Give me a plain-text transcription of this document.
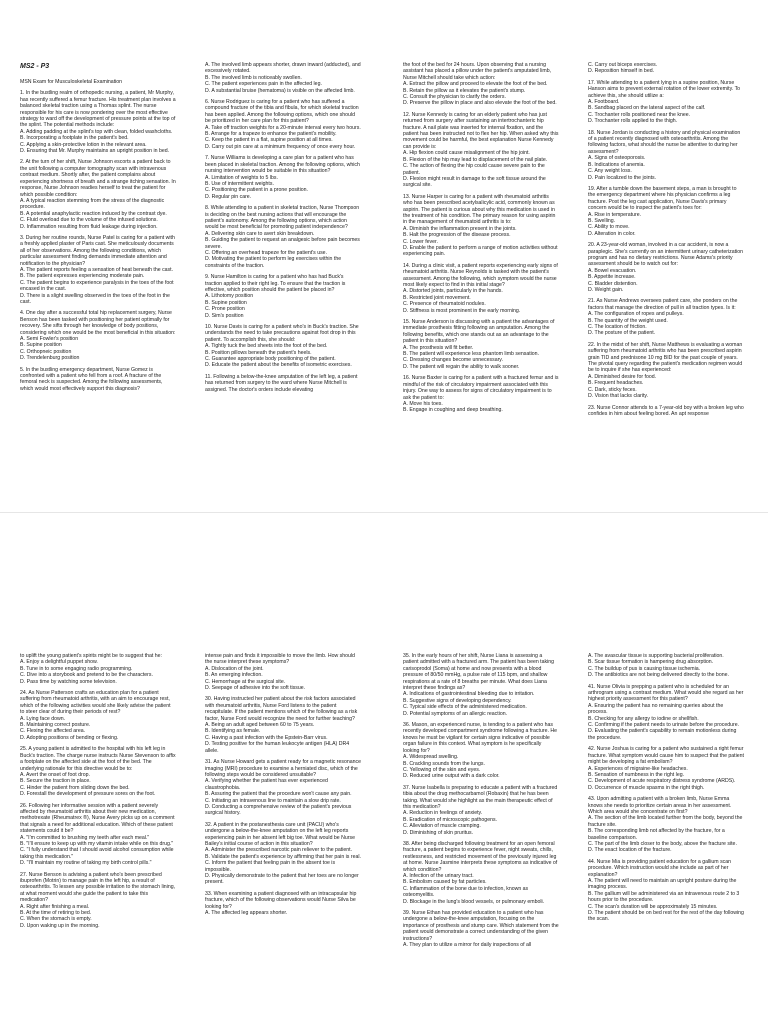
MS2 - P3
MSN Exam for Musculoskeletal Examination
1. In the bustling realm of orthopedic nursing, a patient, Mr Murphy, has recently suffered a femur fracture. His treatment plan involves a balanced skeletal traction using a Thomas splint. The nurse responsible for his care is now pondering over the most effective strategy to ward off the development of pressure points at the top of the splint. The potential methods include:
A. Adding padding at the splint's top with clean, folded washcloths.
B. Incorporating a footplate in the patient's bed.
C. Applying a skin-protective lotion in the relevant area.
D. Ensuring that Mr. Murphy maintains an upright position in bed.
2. At the turn of her shift, Nurse Johnson escorts a patient back to the unit following a computer tomography scan with intravenous contrast medium. Shortly after, the patient complains about experiencing shortness of breath and a strange itching sensation. In response, Nurse Johnson readies herself to treat the patient for which possible condition:
A. A typical reaction stemming from the stress of the diagnostic procedure.
B. A potential anaphylactic reaction induced by the contrast dye.
C. Fluid overload due to the volume of the infused solutions.
D. Inflammation resulting from fluid leakage during injection.
3. During her routine rounds, Nurse Patel is caring for a patient with a freshly applied plaster of Paris cast. She meticulously documents all of her observations. Among the following conditions, which particular assessment finding demands immediate attention and notification to the physician?
A. The patient reports feeling a sensation of heat beneath the cast.
B. The patient expresses experiencing moderate pain.
C. The patient begins to experience paralysis in the toes of the foot encased in the cast.
D. There is a slight swelling observed in the toes of the foot in the cast.
4. One day after a successful total hip replacement surgery, Nurse Benson has been tasked with positioning her patient optimally for recovery. She sifts through her knowledge of body positions, considering which one would be the most beneficial in this situation:
A. Semi Fowler's position
B. Supine position
C. Orthopneic position
D. Trendelenburg position
5. In the bustling emergency department, Nurse Gomez is confronted with a patient who fell from a roof. A fracture of the femoral neck is suspected. Among the following assessments, which would most effectively support this diagnosis?
A. The involved limb appears shorter, drawn inward (adducted), and excessively rotated.
B. The involved limb is noticeably swollen.
C. The patient experiences pain in the affected leg.
D. A substantial bruise (hematoma) is visible on the affected limb.
6. Nurse Rodriguez is caring for a patient who has suffered a compound fracture of the tibia and fibula, for which skeletal traction has been applied. Among the following options, which one should be prioritized in her care plan for this patient?
A. Take off traction weights for a 20-minute interval every two hours.
B. Arrange for a trapeze to enhance the patient's mobility.
C. Keep the patient in a flat, supine position at all times.
D. Carry out pin care at a minimum frequency of once every hour.
7. Nurse Williams is developing a care plan for a patient who has been placed in skeletal traction. Among the following options, which nursing intervention would be suitable in this situation?
A. Limitation of weights to 5 lbs.
B. Use of intermittent weights.
C. Positioning the patient in a prone position.
D. Regular pin care.
8. While attending to a patient in skeletal traction, Nurse Thompson is deciding on the best nursing actions that will encourage the patient's autonomy. Among the following options, which action would be most beneficial for promoting patient independence?
A. Delivering skin care to avert skin breakdown.
B. Guiding the patient to request an analgesic before pain becomes severe.
C. Offering an overhead trapeze for the patient's use.
D. Motivating the patient to perform leg exercises within the constraints of the traction.
9. Nurse Hamilton is caring for a patient who has had Buck's traction applied to their right leg. To ensure that the traction is effective, which position should the patient be placed in?
A. Lithotomy position
B. Supine position
C. Prone position
D. Sim's position
10. Nurse Davis is caring for a patient who's in Buck's traction. She understands the need to take precautions against foot drop in this patient. To accomplish this, she should:
A. Tightly tuck the bed sheets into the foot of the bed.
B. Position pillows beneath the patient's heels.
C. Guarantee appropriate body positioning of the patient.
D. Educate the patient about the benefits of isometric exercises.
11. Following a below-the-knee amputation of the left leg, a patient has returned from surgery to the ward where Nurse Mitchell is assigned. The doctor's orders include elevating
the foot of the bed for 24 hours. Upon observing that a nursing assistant has placed a pillow under the patient's amputated limb, Nurse Mitchell should take which action:
A. Extract the pillow and proceed to elevate the foot of the bed.
B. Retain the pillow as it elevates the patient's stump.
C. Consult the physician to clarify the orders.
D. Preserve the pillow in place and also elevate the foot of the bed.
12. Nurse Kennedy is caring for an elderly patient who has just returned from surgery after sustaining an intertrochanteric hip fracture. A nail plate was inserted for internal fixation, and the patient has been instructed not to flex her hip. When asked why this movement could be harmful, the best explanation Nurse Kennedy can provide is:
A. Hip flexion could cause misalignment of the hip joint.
B. Flexion of the hip may lead to displacement of the nail plate.
C. The action of flexing the hip could cause severe pain to the patient.
D. Flexion might result in damage to the soft tissue around the surgical site.
13. Nurse Harper is caring for a patient with rheumatoid arthritis who has been prescribed acetylsalicylic acid, commonly known as aspirin. The patient is curious about why this medication is used in the treatment of his condition. The primary reason for using aspirin in the management of rheumatoid arthritis is to:
A. Diminish the inflammation present in the joints.
B. Halt the progression of the disease process.
C. Lower fever.
D. Enable the patient to perform a range of motion activities without experiencing pain.
14. During a clinic visit, a patient reports experiencing early signs of rheumatoid arthritis. Nurse Reynolds is tasked with the patient's assessment. Among the following, which symptom would the nurse most likely expect to find in this initial stage?
A. Distorted joints, particularly in the hands.
B. Restricted joint movement.
C. Presence of rheumatoid nodules.
D. Stiffness is most prominent in the early morning.
15. Nurse Anderson is discussing with a patient the advantages of immediate prosthesis fitting following an amputation. Among the following benefits, which one stands out as an advantage to the patient in this situation?
A. The prosthesis will fit better.
B. The patient will experience less phantom limb sensation.
C. Dressing changes become unnecessary.
D. The patient will regain the ability to walk sooner.
16. Nurse Baxter is caring for a patient with a fractured femur and is mindful of the risk of circulatory impairment associated with this injury. One way to assess for signs of circulatory impairment is to ask the patient to:
A. Move his toes.
B. Engage in coughing and deep breathing.
C. Carry out biceps exercises.
D. Reposition himself in bed.
17. While attending to a patient lying in a supine position, Nurse Hanson aims to prevent external rotation of the lower extremity. To achieve this, she should utilize a:
A. Footboard.
B. Sandbag placed on the lateral aspect of the calf.
C. Trochanter rolls positioned near the knee.
D. Trochanter rolls applied to the thigh.
18. Nurse Jordan is conducting a history and physical examination of a patient recently diagnosed with osteoarthritis. Among the following factors, what should the nurse be attentive to during her assessment?
A. Signs of osteoporosis.
B. Indications of anemia.
C. Any weight loss.
D. Pain localized to the joints.
19. After a tumble down the basement steps, a man is brought to the emergency department where his physician confirms a leg fracture. Post the leg cast application, Nurse Davis's primary concern would be to inspect the patient's toes for:
A. Rise in temperature.
B. Swelling.
C. Ability to move.
D. Alteration in color.
20. A 23-year-old woman, involved in a car accident, is now a paraplegic. She's currently on an intermittent urinary catheterization program and has no dietary restrictions. Nurse Adams's priority assessment should be to watch out for:
A. Bowel evacuation.
B. Appetite increase.
C. Bladder distention.
D. Weight gain.
21. As Nurse Andrews oversees patient care, she ponders on the factors that manage the direction of pull in all traction types. Is it:
A. The configuration of ropes and pulleys.
B. The quantity of the weight used.
C. The location of friction.
D. The posture of the patient.
22. In the midst of her shift, Nurse Matthews is evaluating a woman suffering from rheumatoid arthritis who has been prescribed aspirin grain TID and prednisone 10 mg BID for the past couple of years. The pivotal query regarding the patient's medication regimen would be to inquire if she has experienced:
A. Diminished desire for food.
B. Frequent headaches.
C. Dark, sticky feces.
D. Vision that lacks clarity.
23. Nurse Connor attends to a 7-year-old boy with a broken leg who confides in him about feeling bored. An apt response
to uplift the young patient's spirits might be to suggest that he:
A. Enjoy a delightful puppet show.
B. Tune in to some engaging radio programming.
C. Dive into a storybook and pretend to be the characters.
D. Pass time by watching some television.
24. As Nurse Patterson crafts an education plan for a patient suffering from rheumatoid arthritis, with an aim to encourage rest, which of the following activities would she likely advise the patient to steer clear of during their periods of rest?
A. Lying face down.
B. Maintaining correct posture.
C. Flexing the affected area.
D. Adopting positions of bending or flexing.
25. A young patient is admitted to the hospital with his left leg in Buck's traction. The charge nurse instructs Nurse Stevenson to affix a footplate on the affected side at the foot of the bed. The underlying rationale for this directive would be to:
A. Avert the onset of foot drop.
B. Secure the traction in place.
C. Hinder the patient from sliding down the bed.
D. Forestall the development of pressure sores on the foot.
26. Following her informative session with a patient severely affected by rheumatoid arthritis about their new medication, methotrexate (Rheumatrex ®), Nurse Avery picks up on a comment that signals a need for additional education. Which of these patient statements could it be?
A. "I'm committed to brushing my teeth after each meal."
B. "I'll ensure to keep up with my vitamin intake while on this drug."
C. "I fully understand that I should avoid alcohol consumption while taking this medication."
D. "I'll maintain my routine of taking my birth control pills."
27. Nurse Benson is advising a patient who's been prescribed ibuprofen (Motrin) to manage pain in the left hip, a result of osteoarthritis. To lessen any possible irritation to the stomach lining, at what moment would she guide the patient to take this medication?
A. Right after finishing a meal.
B. At the time of retiring to bed.
C. When the stomach is empty.
D. Upon waking up in the morning.
intense pain and finds it impossible to move the limb. How should the nurse interpret these symptoms?
A. Dislocation of the joint.
B. An emerging infection.
C. Hemorrhage at the surgical site.
D. Seepage of adhesive into the soft tissue.
30. Having instructed her patient about the risk factors associated with rheumatoid arthritis, Nurse Ford listens to the patient recapitulate. If the patient mentions which of the following as a risk factor, Nurse Ford would recognize the need for further teaching?
A. Being an adult aged between 60 to 75 years.
B. Identifying as female.
C. Having a past infection with the Epstein-Barr virus.
D. Testing positive for the human leukocyte antigen (HLA) DR4 allele.
31. As Nurse Howard gets a patient ready for a magnetic resonance imaging (MRI) procedure to examine a herniated disc, which of the following steps would be considered unsuitable?
A. Verifying whether the patient has ever experienced claustrophobia.
B. Assuring the patient that the procedure won't cause any pain.
C. Initiating an intravenous line to maintain a slow drip rate.
D. Conducting a comprehensive review of the patient's previous surgical history.
32. A patient in the postanesthesia care unit (PACU) who's undergone a below-the-knee amputation on the left leg reports experiencing pain in her absent left big toe. What would be Nurse Bailey's initial course of action in this situation?
A. Administer the prescribed narcotic pain reliever to the patient.
B. Validate the patient's experience by affirming that her pain is real.
C. Inform the patient that feeling pain in the absent toe is impossible.
D. Physically demonstrate to the patient that her toes are no longer present.
33. When examining a patient diagnosed with an intracapsular hip fracture, which of the following observations would Nurse Silva be looking for?
A. The affected leg appears shorter.
35. In the early hours of her shift, Nurse Liana is assessing a patient admitted with a fractured arm. The patient has been taking carisoprodol (Soma) at home and now presents with a blood pressure of 80/50 mmHg, a pulse rate of 115 bpm, and shallow respirations at a rate of 8 breaths per minute. What does Liana interpret these findings as?
A. Indications of gastrointestinal bleeding due to irritation.
B. Suggestive signs of developing dependency.
C. Typical side effects of the administered medication.
D. Potential symptoms of an allergic reaction.
36. Mason, an experienced nurse, is tending to a patient who has recently developed compartment syndrome following a fracture. He knows he must be vigilant for certain signs indicative of possible organ failure in this context. What symptom is he specifically looking for?
A. Widespread swelling.
B. Crackling sounds from the lungs.
C. Yellowing of the skin and eyes.
D. Reduced urine output with a dark color.
37. Nurse Isabella is preparing to educate a patient with a fractured tibia about the drug methocarbamol (Robaxin) that he has been taking. What would she highlight as the main therapeutic effect of this medication?
A. Reduction in feelings of anxiety.
B. Eradication of microscopic pathogens.
C. Alleviation of muscle cramping.
D. Diminishing of skin pruritus.
38. After being discharged following treatment for an open femoral fracture, a patient begins to experience fever, night sweats, chills, restlessness, and restricted movement of the previously injured leg at home. Nurse Jasmine interprets these symptoms as indicative of which condition?
A. Infection of the urinary tract.
B. Embolism caused by fat particles.
C. Inflammation of the bone due to infection, known as osteomyelitis.
D. Blockage in the lung's blood vessels, or pulmonary emboli.
39. Nurse Ethan has provided education to a patient who has undergone a below-the-knee amputation, focusing on the importance of prosthesis and stump care. Which statement from the patient would demonstrate a correct understanding of the given instructions?
A. They plan to utilize a mirror for daily inspections of all
A. The avascular tissue is supporting bacterial proliferation.
B. Scar tissue formation is hampering drug absorption.
C. The buildup of pus is causing tissue ischemia.
D. The antibiotics are not being delivered directly to the bone.
41. Nurse Olivia is prepping a patient who is scheduled for an arthrogram using a contrast medium. What would she regard as her highest priority assessment for this patient?
A. Ensuring the patient has no remaining queries about the process.
B. Checking for any allergy to iodine or shellfish.
C. Confirming if the patient needs to urinate before the procedure.
D. Evaluating the patient's capability to remain motionless during the procedure.
42. Nurse Joshua is caring for a patient who sustained a right femur fracture. What symptom would cause him to suspect that the patient might be developing a fat embolism?
A. Experiences of migraine-like headaches.
B. Sensation of numbness in the right leg.
C. Development of acute respiratory distress syndrome (ARDS).
D. Occurrence of muscle spasms in the right thigh.
43. Upon admitting a patient with a broken limb, Nurse Emma knows she needs to prioritize certain areas in her assessment. Which area would she concentrate on first?
A. The section of the limb located further from the body, beyond the fracture site.
B. The corresponding limb not affected by the fracture, for a baseline comparison.
C. The part of the limb closer to the body, above the fracture site.
D. The exact location of the fracture.
44. Nurse Mia is providing patient education for a gallium scan procedure. Which instruction would she include as part of her explanation?
A. The patient will need to maintain an upright posture during the imaging process.
B. The gallium will be administered via an intravenous route 2 to 3 hours prior to the procedure.
C. The scan's duration will be approximately 15 minutes.
D. The patient should be on bed rest for the rest of the day following the scan.
